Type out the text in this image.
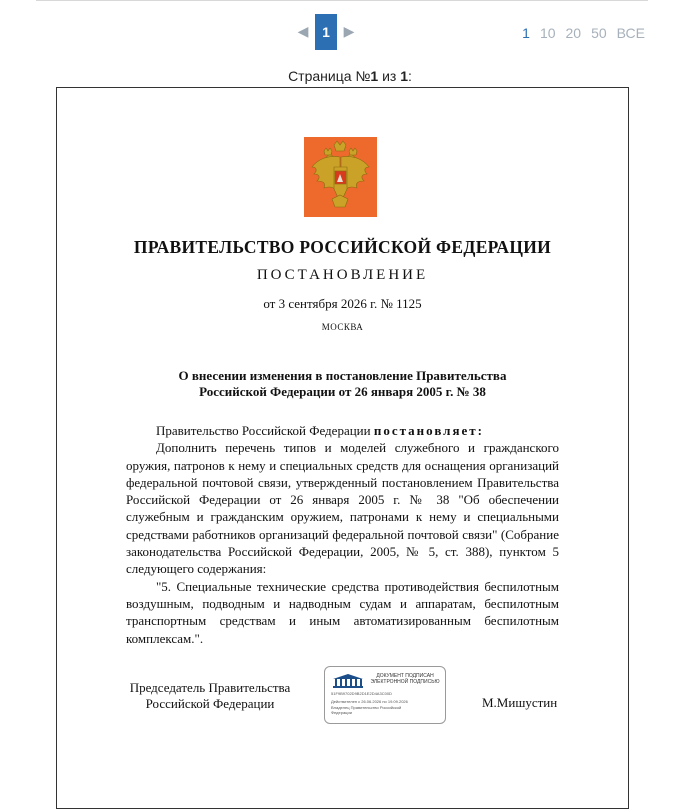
◀ 1 ▶	1 10 20 50 ВСЕ
Страница №1 из 1:
ПРАВИТЕЛЬСТВО РОССИЙСКОЙ ФЕДЕРАЦИИ
ПОСТАНОВЛЕНИЕ
от 3 сентября 2026 г. № 1125
МОСКВА
О внесении изменения в постановление Правительства
Российской Федерации от 26 января 2005 г. № 38

Правительство Российской Федерации постановляет:

Дополнить перечень типов и моделей служебного и гражданского оружия, патронов к нему и специальных средств для оснащения организаций федеральной почтовой связи, утвержденный постановлением Правительства Российской Федерации от 26 января 2005 г. № 38 "Об обеспечении служебным и гражданским оружием, патронами к нему и специальными средствами работников организаций федеральной почтовой связи" (Собрание законодательства Российской Федерации, 2005, № 5, ст. 388), пунктом 5 следующего содержания:

"5. Специальные технические средства противодействия беспилотным воздушным, подводным и надводным судам и аппаратам, беспилотным транспортным средствам и иным автоматизированным беспилотным комплексам.".

Председатель Правительства
Российской Федерации
ДОКУМЕНТ ПОДПИСАН
ЭЛЕКТРОННОЙ ПОДПИСЬЮ
51F9B9702D9B2D1E2D4A3C00D
Действителен с 26.06.2026 по 19.09.2026
Владелец Правительство Российской
Федерации
М.Мишустин
